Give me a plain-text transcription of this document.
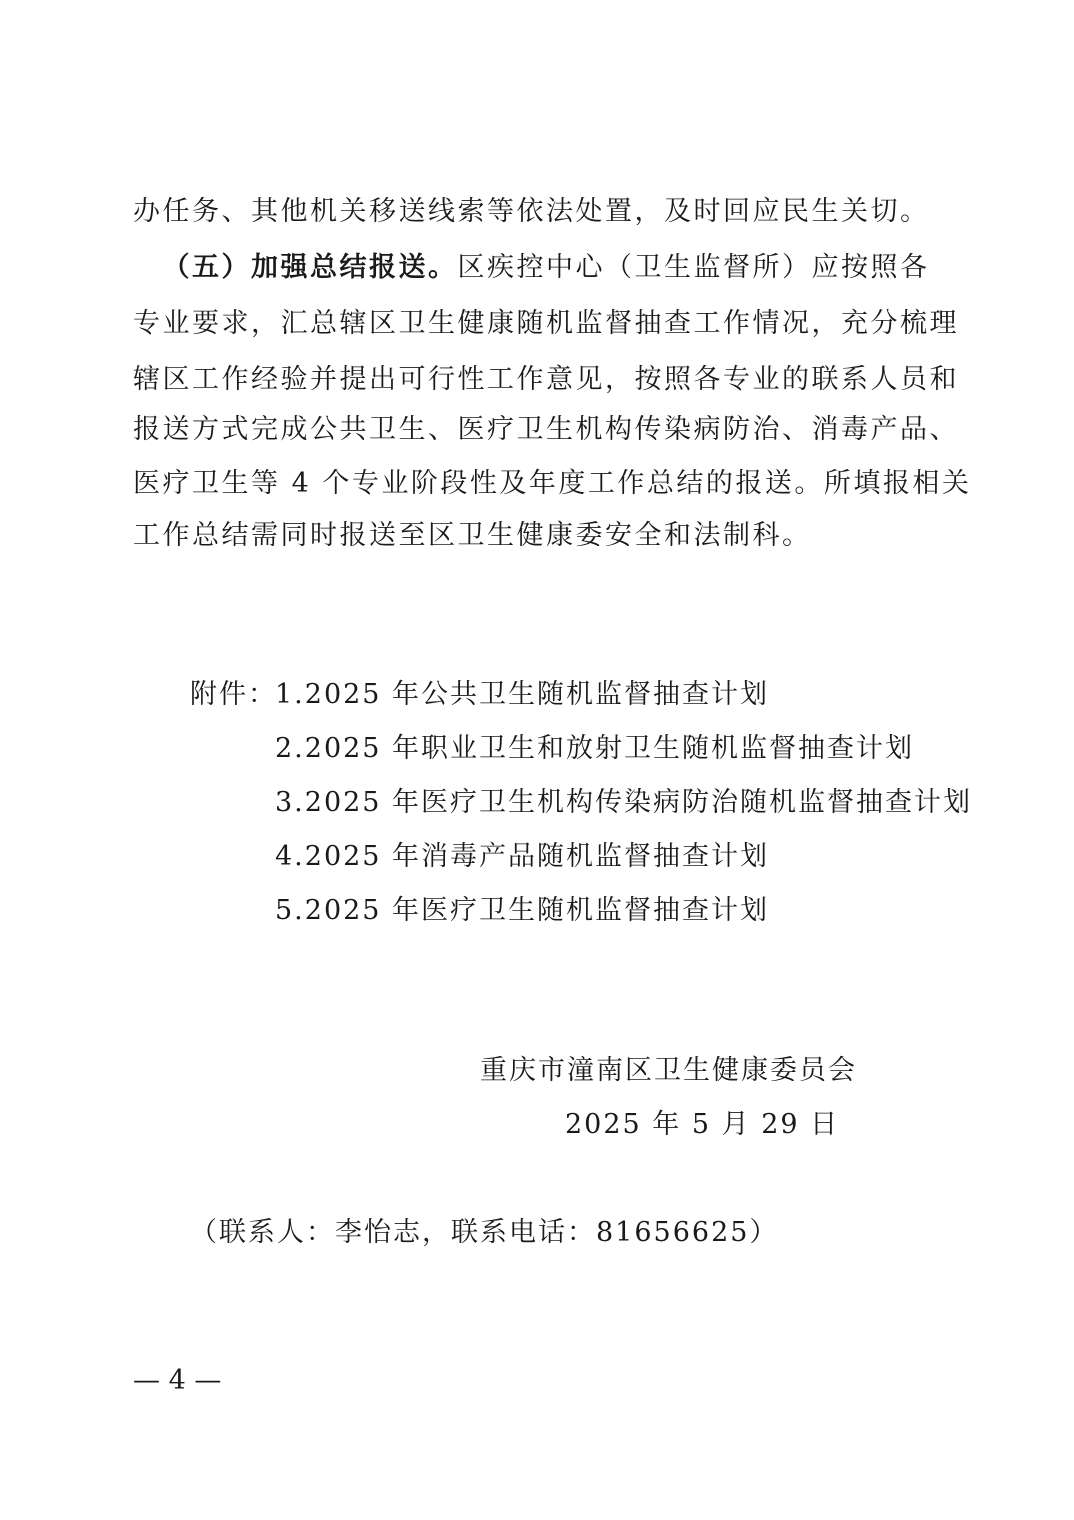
办任务、其他机关移送线索等依法处置，及时回应民生关切。
 （五）加强总结报送。区疾控中心（卫生监督所）应按照各
专业要求，汇总辖区卫生健康随机监督抽查工作情况，充分梳理
辖区工作经验并提出可行性工作意见，按照各专业的联系人员和
报送方式完成公共卫生、医疗卫生机构传染病防治、消毒产品、
医疗卫生等 4 个专业阶段性及年度工作总结的报送。所填报相关
工作总结需同时报送至区卫生健康委安全和法制科。
附件：
1.2025 年公共卫生随机监督抽查计划
2.2025 年职业卫生和放射卫生随机监督抽查计划
3.2025 年医疗卫生机构传染病防治随机监督抽查计划
4.2025 年消毒产品随机监督抽查计划
5.2025 年医疗卫生随机监督抽查计划
重庆市潼南区卫生健康委员会
2025 年 5 月 29 日
（联系人：李怡志，联系电话：81656625）
— 4 —
